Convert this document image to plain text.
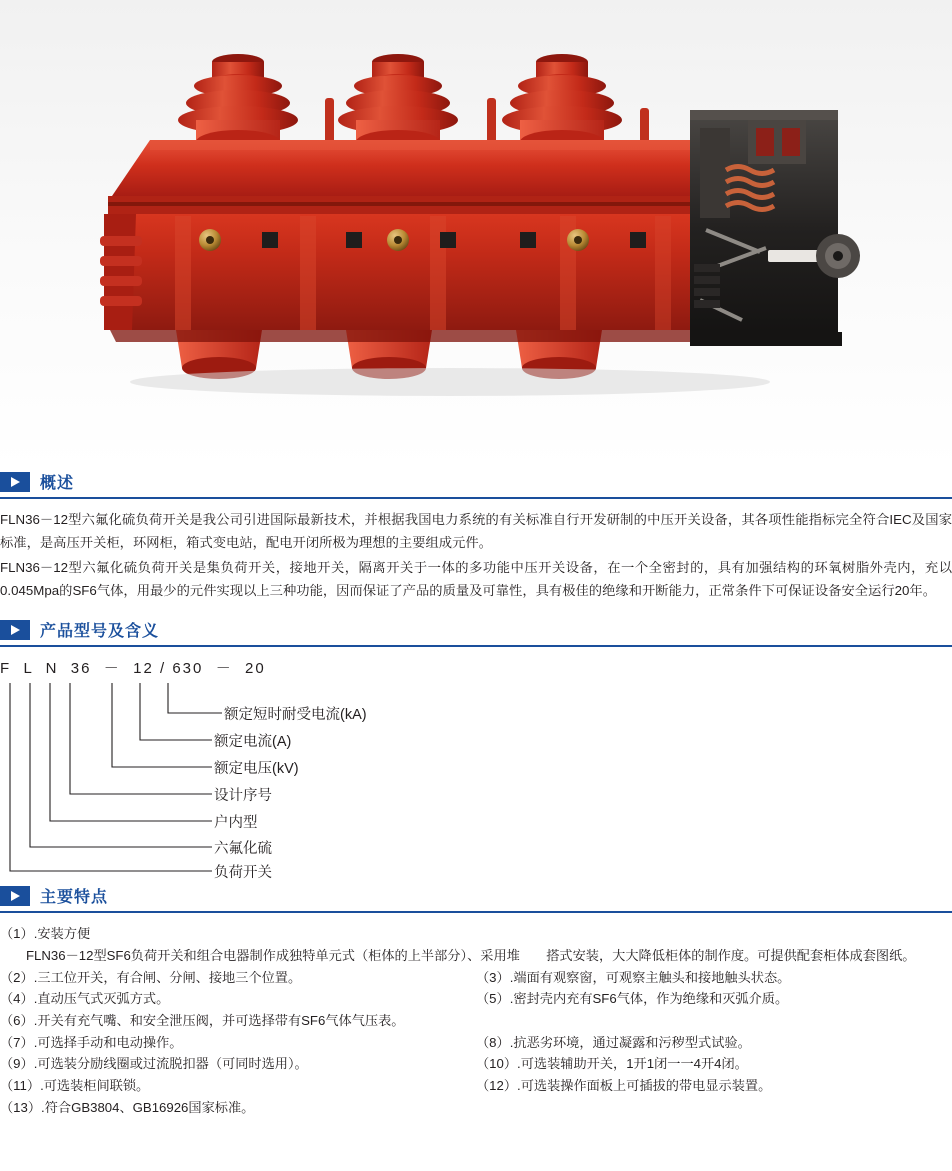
概述

FLN36－12型六氟化硫负荷开关是我公司引进国际最新技术，并根据我国电力系统的有关标准自行开发研制的中压开关设备，其各项性能指标完全符合IEC及国家标准，是高压开关柜，环网柜，箱式变电站，配电开闭所极为理想的主要组成元件。

FLN36－12型六氟化硫负荷开关是集负荷开关，接地开关，隔离开关于一体的多功能中压开关设备，在一个全密封的，具有加强结构的环氧树脂外壳内，充以0.045Mpa的SF6气体，用最少的元件实现以上三种功能，因而保证了产品的质量及可靠性，具有极佳的绝缘和开断能力，正常条件下可保证设备安全运行20年。

产品型号及含义
F  L  N  36  －  12 / 630  －  20
额定短时耐受电流(kA)
额定电流(A)
额定电压(kV)
设计序号
户内型
六氟化硫
负荷开关
主要特点
（1）.安装方便
FLN36－12型SF6负荷开关和组合电器制作成独特单元式（柜体的上半部分）、采用堆　　搭式安装，大大降低柜体的制作度。可提供配套柜体成套图纸。
（2）.三工位开关，有合闸、分闸、接地三个位置。	（3）.端面有观察窗，可观察主触头和接地触头状态。
（4）.直动压气式灭弧方式。	（5）.密封壳内充有SF6气体，作为绝缘和灭弧介质。
（6）.开关有充气嘴、和安全泄压阀，并可选择带有SF6气体气压表。
（7）.可选择手动和电动操作。	（8）.抗恶劣环境，通过凝露和污秽型式试验。
（9）.可选装分励线圈或过流脱扣器（可同时选用）。	（10）.可选装辅助开关，1开1闭一一4开4闭。
（11）.可选装柜间联锁。	（12）.可选装操作面板上可插拔的带电显示装置。
（13）.符合GB3804、GB16926国家标准。
